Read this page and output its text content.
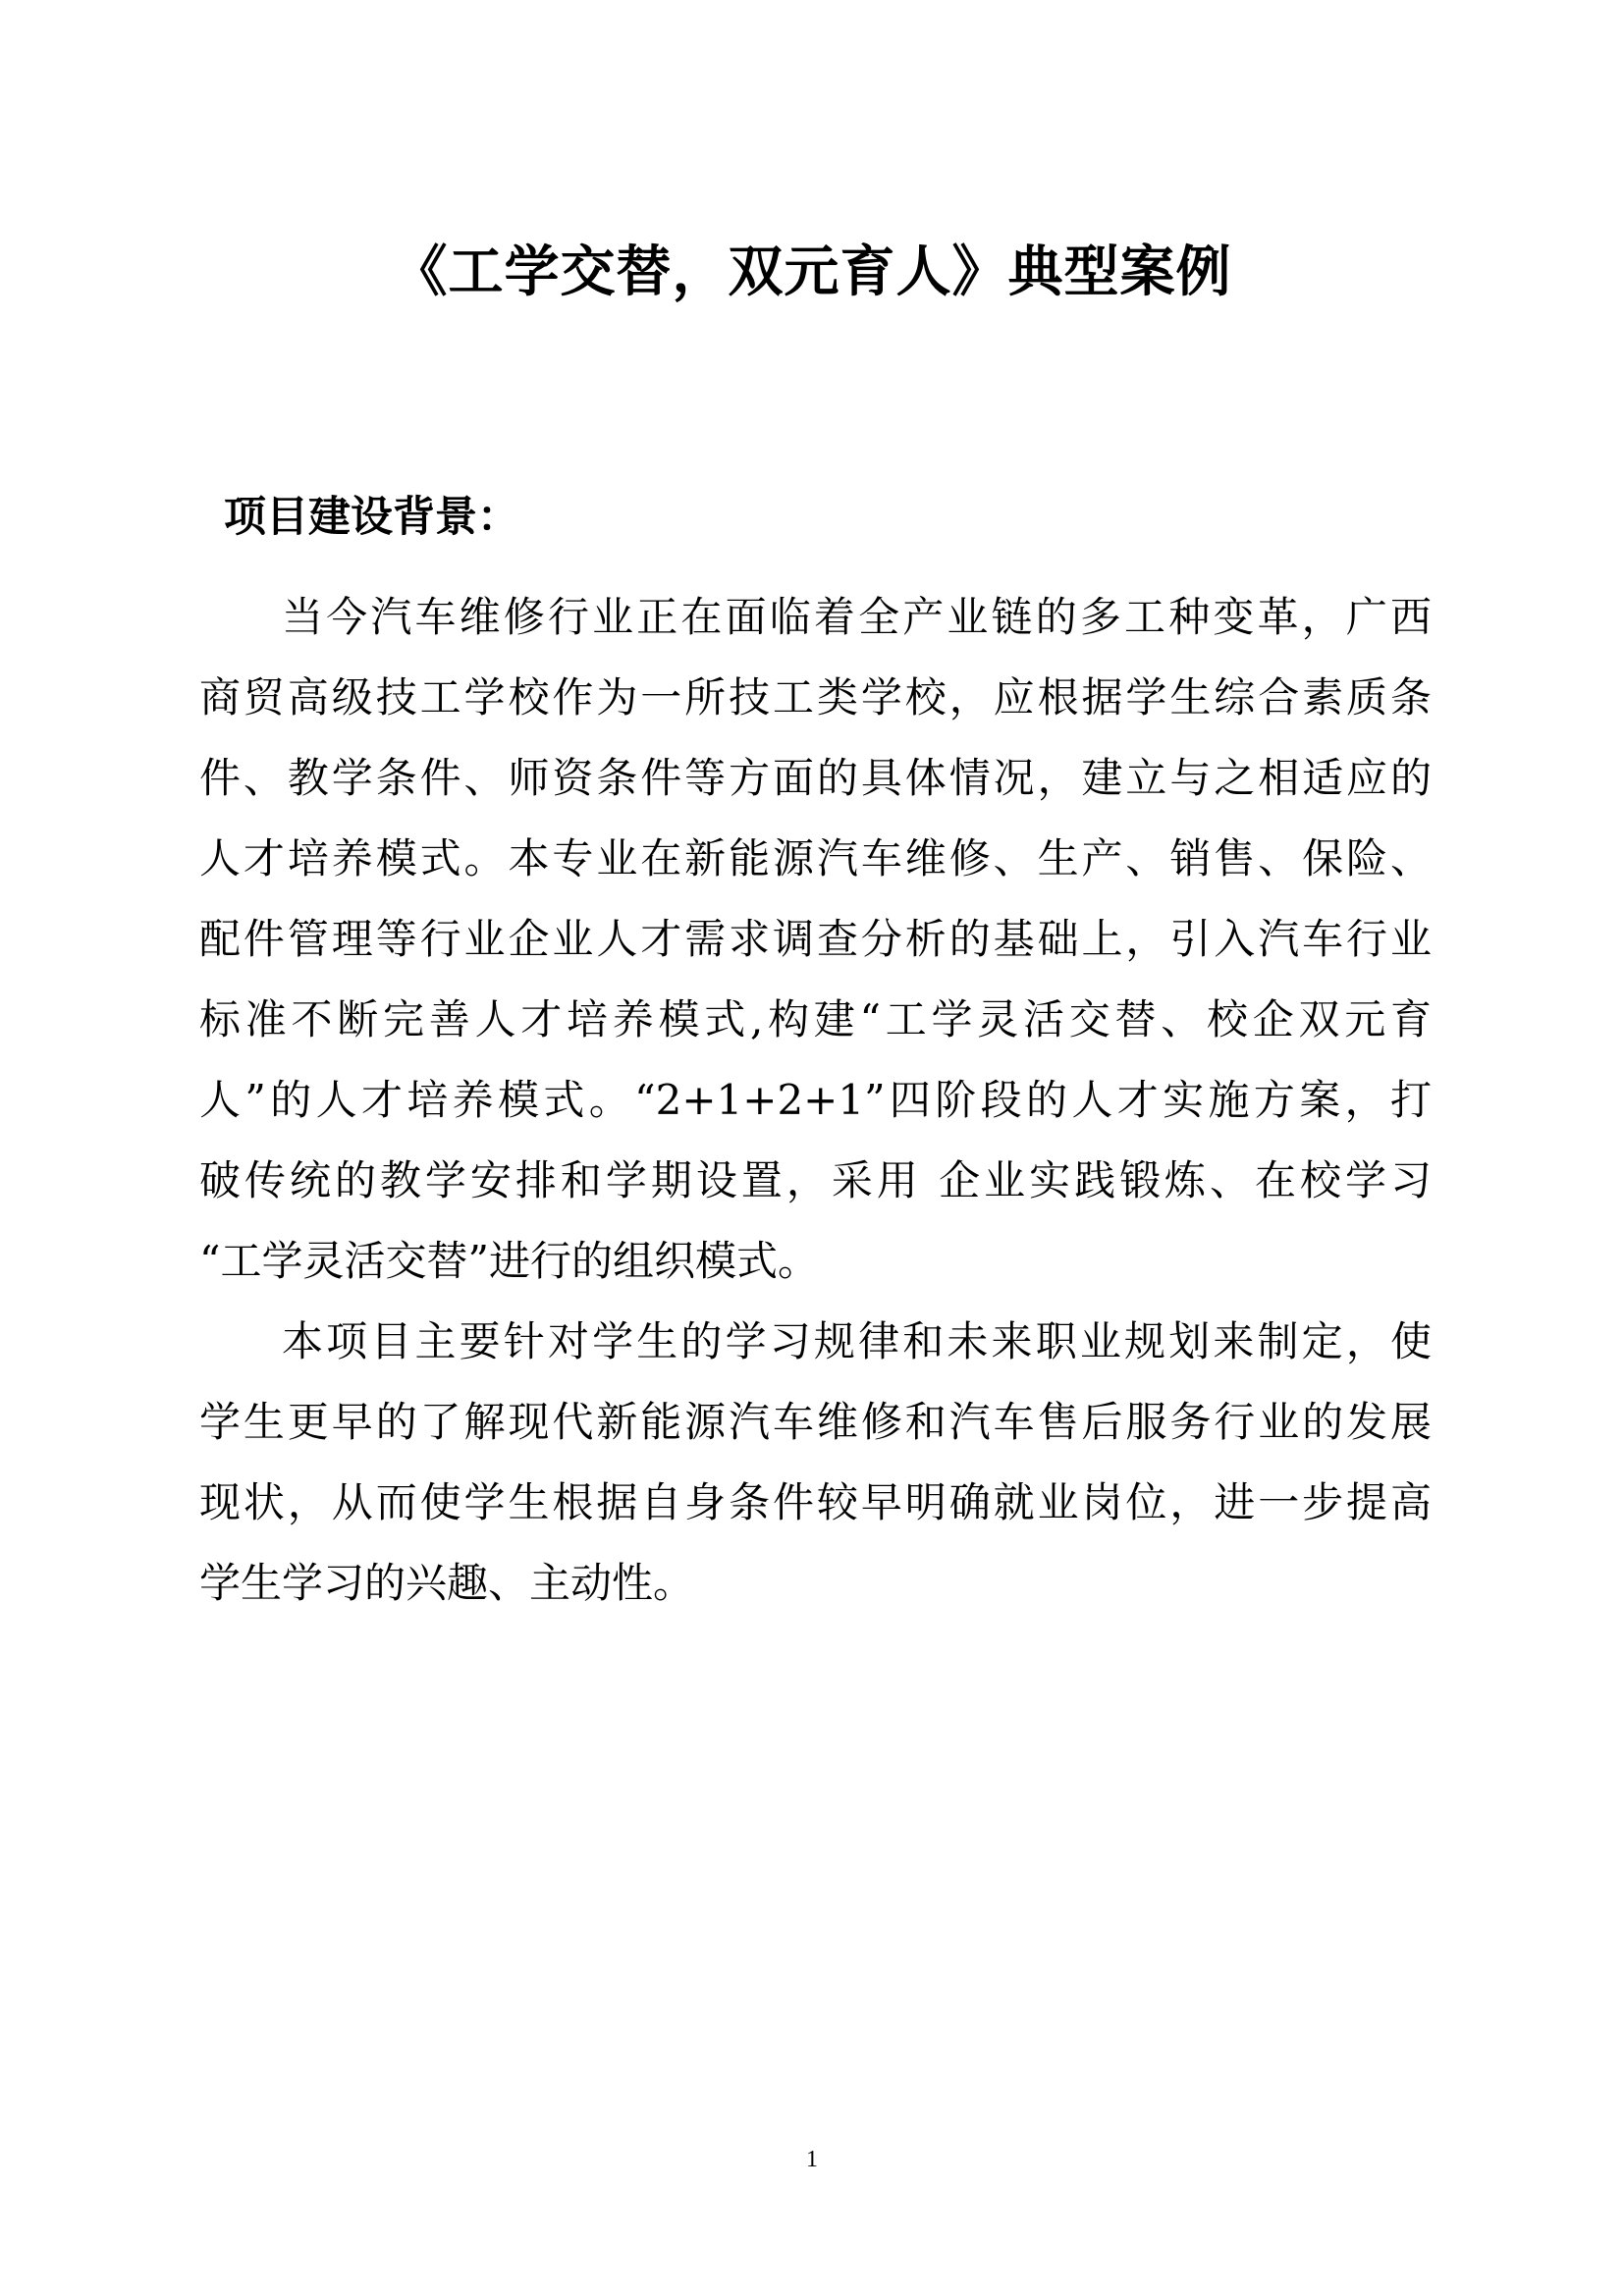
《工学交替，双元育人》典型案例
项目建设背景：
当今汽车维修行业正在面临着全产业链的多工种变革，广西
商贸高级技工学校作为一所技工类学校，应根据学生综合素质条
件、教学条件、师资条件等方面的具体情况，建立与之相适应的
人才培养模式。本专业在新能源汽车维修、生产、销售、保险、
配件管理等行业企业人才需求调查分析的基础上，引入汽车行业
标准不断完善人才培养模式,构建“工学灵活交替、校企双元育
人”的人才培养模式。“2+1+2+1”四阶段的人才实施方案，打
破传统的教学安排和学期设置，采用 企业实践锻炼、在校学习
“工学灵活交替”进行的组织模式。
本项目主要针对学生的学习规律和未来职业规划来制定，使
学生更早的了解现代新能源汽车维修和汽车售后服务行业的发展
现状，从而使学生根据自身条件较早明确就业岗位，进一步提高
学生学习的兴趣、主动性。
1
